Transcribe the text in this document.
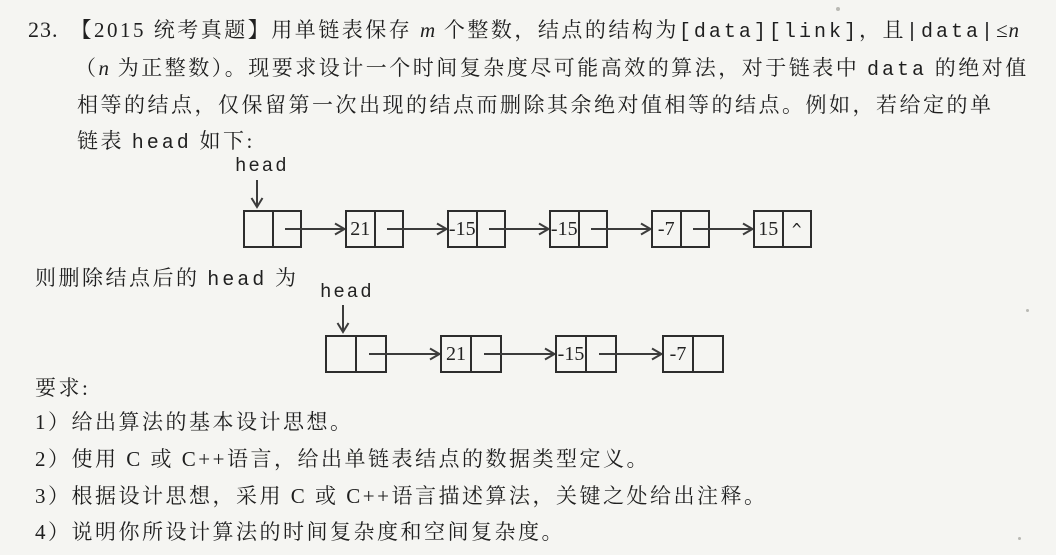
23. 【2015 统考真题】用单链表保存 m 个整数，结点的结构为[data][link]，且|data|≤n
（n 为正整数）。现要求设计一个时间复杂度尽可能高效的算法，对于链表中 data 的绝对值
相等的结点，仅保留第一次出现的结点而删除其余绝对值相等的结点。例如，若给定的单
链表 head 如下:
head
21	-15	-15	-7	15 ^
则删除结点后的 head 为
head
21	-15	-7
要求:
1）给出算法的基本设计思想。
2）使用 C 或 C++语言，给出单链表结点的数据类型定义。
3）根据设计思想，采用 C 或 C++语言描述算法，关键之处给出注释。
4）说明你所设计算法的时间复杂度和空间复杂度。
